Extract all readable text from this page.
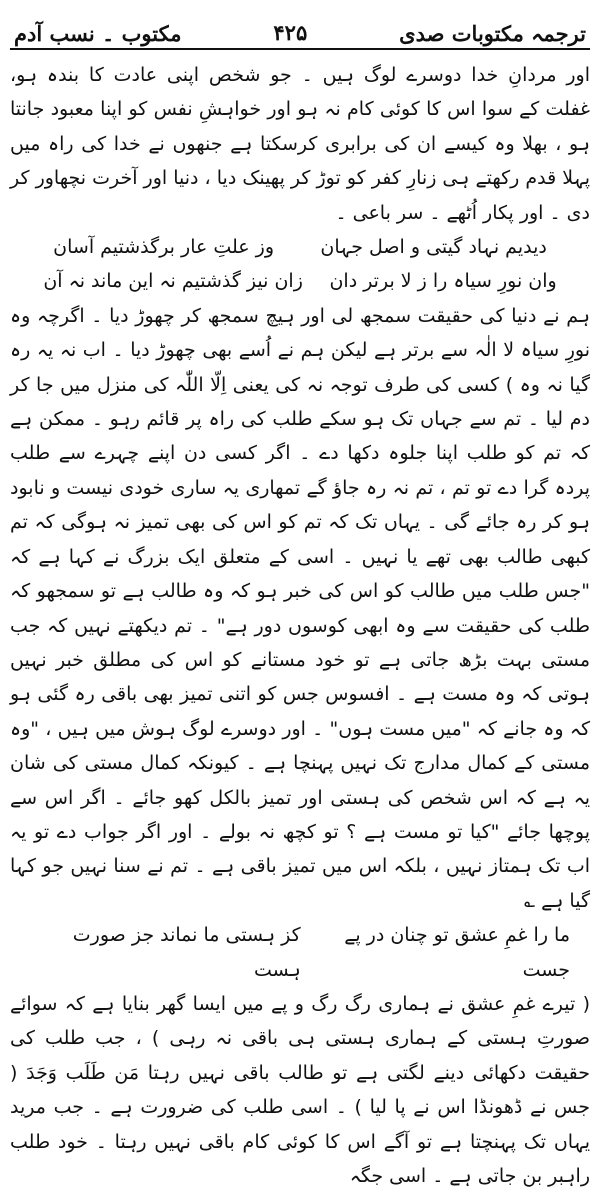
ترجمہ مکتوبات صدی
۴۲۵
مکتوب ۔ نسب آدم

اور مردانِ خدا دوسرے لوگ ہیں ۔ جو شخص اپنی عادت کا بندہ ہو، غفلت کے سوا اس کا کوئی کام نہ ہو اور خواہشِ نفس کو اپنا معبود جانتا ہو ، بھلا وہ کیسے ان کی برابری کرسکتا ہے جنھوں نے خدا کی راہ میں پہلا قدم رکھتے ہی زنارِ کفر کو توڑ کر پھینک دیا ، دنیا اور آخرت نچھاور کر دی ۔ اور پکار اُٹھے ۔ سر باعی ۔

دیدیم نہاد گیتی و اصل جہان
وز علتِ عار برگذشتیم آسان
وان نورِ سیاہ را ز لا برتر دان
زان نیز گذشتیم نہ این ماند نہ آن

ہم نے دنیا کی حقیقت سمجھ لی اور ہیچ سمجھ کر چھوڑ دیا ۔ اگرچہ وہ نورِ سیاہ لا الٰہ سے برتر ہے لیکن ہم نے اُسے بھی چھوڑ دیا ۔ اب نہ یہ رہ گیا نہ وہ ) کسی کی طرف توجہ نہ کی یعنی اِلّا اللّٰہ کی منزل میں جا کر دم لیا ۔ تم سے جہاں تک ہو سکے طلب کی راہ پر قائم رہو ۔ ممکن ہے کہ تم کو طلب اپنا جلوہ دکھا دے ۔ اگر کسی دن اپنے چہرے سے طلب پردہ گرا دے تو تم ، تم نہ رہ جاؤ گے تمھاری یہ ساری خودی نیست و نابود ہو کر رہ جائے گی ۔ یہاں تک کہ تم کو اس کی بھی تمیز نہ ہوگی کہ تم کبھی طالب بھی تھے یا نہیں ۔ اسی کے متعلق ایک بزرگ نے کہا ہے کہ "جس طلب میں طالب کو اس کی خبر ہو کہ وہ طالب ہے تو سمجھو کہ طلب کی حقیقت سے وہ ابھی کوسوں دور ہے" ۔ تم دیکھتے نہیں کہ جب مستی بہت بڑھ جاتی ہے تو خود مستانے کو اس کی مطلق خبر نہیں ہوتی کہ وہ مست ہے ۔ افسوس جس کو اتنی تمیز بھی باقی رہ گئی ہو کہ وہ جانے کہ "میں مست ہوں" ۔ اور دوسرے لوگ ہوش میں ہیں ، "وہ مستی کے کمال مدارج تک نہیں پہنچا ہے ۔ کیونکہ کمال مستی کی شان یہ ہے کہ اس شخص کی ہستی اور تمیز بالکل کھو جائے ۔ اگر اس سے پوچھا جائے "کیا تو مست ہے ؟ تو کچھ نہ بولے ۔ اور اگر جواب دے تو یہ اب تک ہمتاز نہیں ، بلکہ اس میں تمیز باقی ہے ۔ تم نے سنا نہیں جو کہا گیا ہے ؎

ما را غمِ عشق تو چنان در پے جست
کز ہستی ما نماند جز صورت ہست

( تیرے غمِ عشق نے ہماری رگ رگ و پے میں ایسا گھر بنایا ہے کہ سوائے صورتِ ہستی کے ہماری ہستی ہی باقی نہ رہی ) ، جب طلب کی حقیقت دکھائی دینے لگتی ہے تو طالب باقی نہیں رہتا مَن طَلَب وَجَدَ ( جس نے ڈھونڈا اس نے پا لیا ) ۔ اسی طلب کی ضرورت ہے ۔ جب مرید یہاں تک پہنچتا ہے تو آگے اس کا کوئی کام باقی نہیں رہتا ۔ خود طلب راہبر بن جاتی ہے ۔ اسی جگہ
